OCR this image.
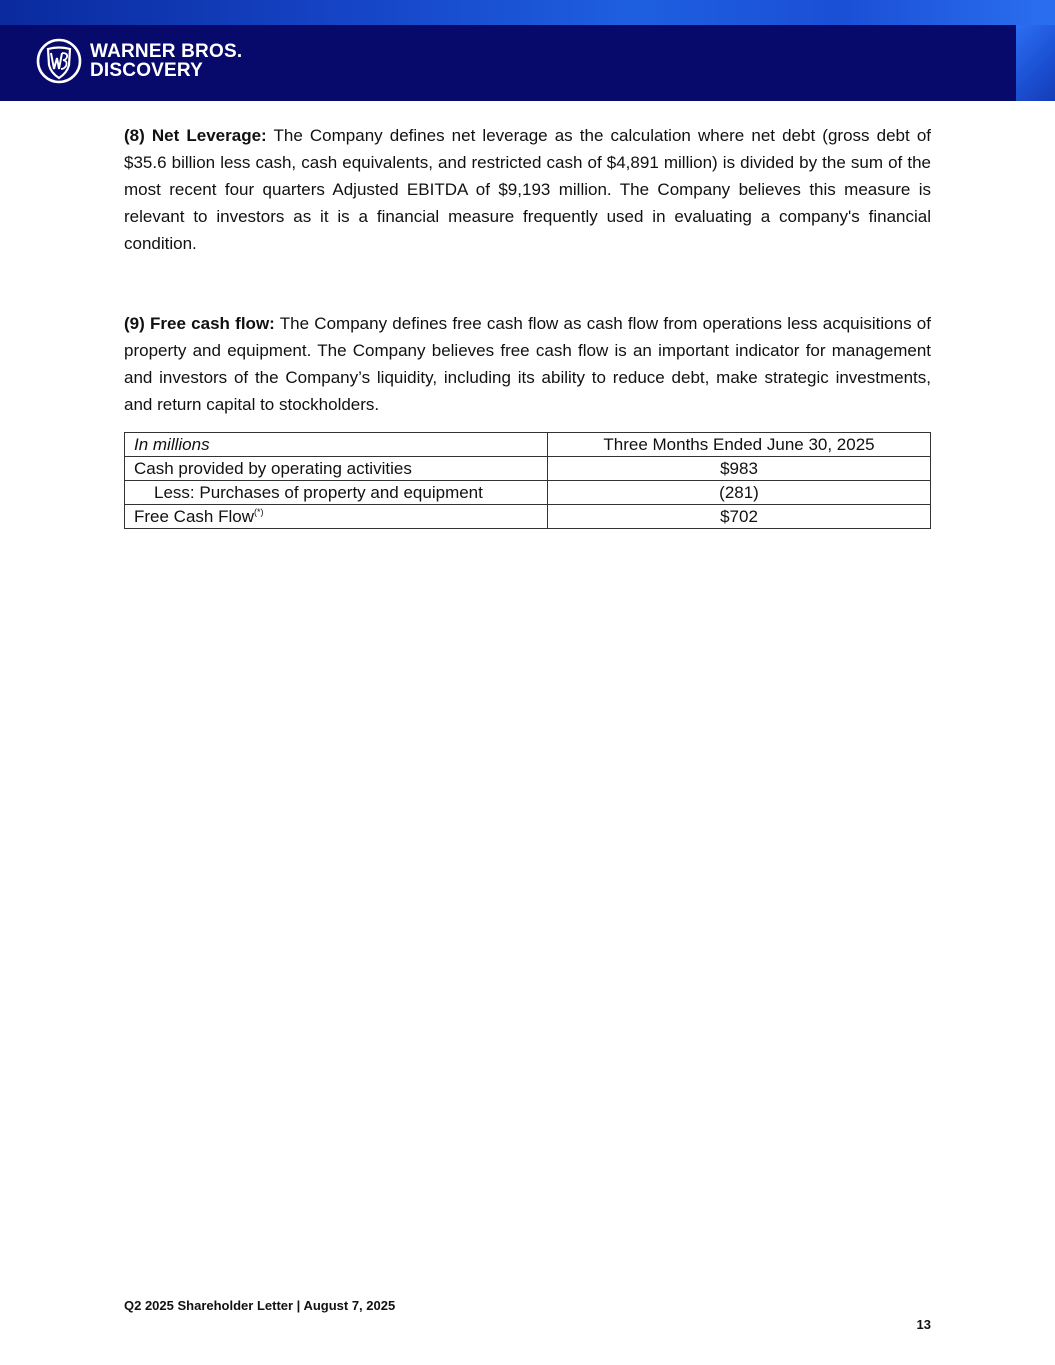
WARNER BROS.
DISCOVERY

(8) Net Leverage: The Company defines net leverage as the calculation where net debt (gross debt of $35.6 billion less cash, cash equivalents, and restricted cash of $4,891 million) is divided by the sum of the most recent four quarters Adjusted EBITDA of $9,193 million. The Company believes this measure is relevant to investors as it is a financial measure frequently used in evaluating a company's financial condition.

(9) Free cash flow: The Company defines free cash flow as cash flow from operations less acquisitions of property and equipment. The Company believes free cash flow is an important indicator for management and investors of the Company’s liquidity, including its ability to reduce debt, make strategic investments, and return capital to stockholders.

In millions	Three Months Ended June 30, 2025
Cash provided by operating activities	$983
Less: Purchases of property and equipment	(281)
Free Cash Flow(*)	$702
Q2 2025 Shareholder Letter | August 7, 2025
13
